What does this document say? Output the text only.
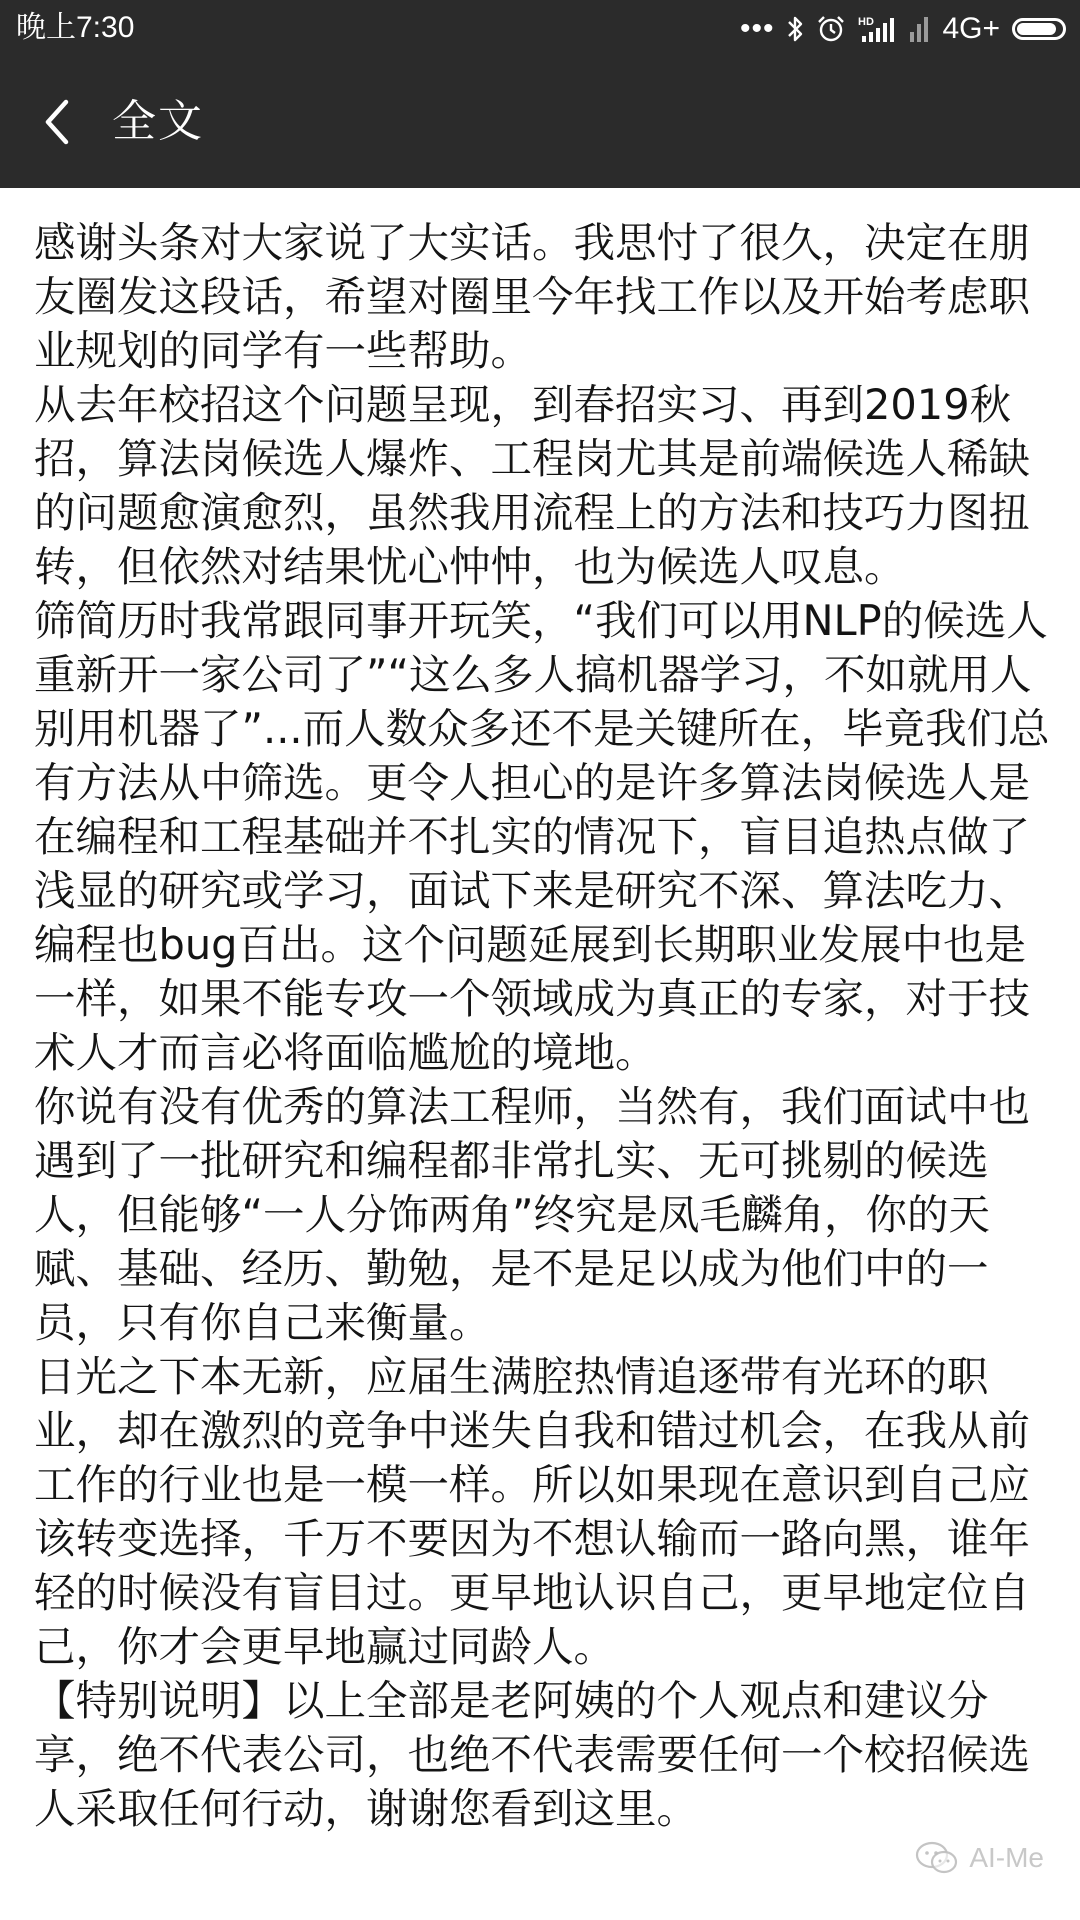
晚上7:30	•••	HD 4G+
全文

感谢头条对大家说了大实话。我思忖了很久，决定在朋友圈发这段话，希望对圈里今年找工作以及开始考虑职业规划的同学有一些帮助。

从去年校招这个问题呈现，到春招实习、再到2019秋招，算法岗候选人爆炸、工程岗尤其是前端候选人稀缺的问题愈演愈烈，虽然我用流程上的方法和技巧力图扭转，但依然对结果忧心忡忡，也为候选人叹息。

筛简历时我常跟同事开玩笑，“我们可以用NLP的候选人重新开一家公司了”“这么多人搞机器学习，不如就用人别用机器了”...而人数众多还不是关键所在，毕竟我们总有方法从中筛选。更令人担心的是许多算法岗候选人是在编程和工程基础并不扎实的情况下，盲目追热点做了浅显的研究或学习，面试下来是研究不深、算法吃力、编程也bug百出。这个问题延展到长期职业发展中也是一样，如果不能专攻一个领域成为真正的专家，对于技术人才而言必将面临尴尬的境地。

你说有没有优秀的算法工程师，当然有，我们面试中也遇到了一批研究和编程都非常扎实、无可挑剔的候选人，但能够“一人分饰两角”终究是凤毛麟角，你的天赋、基础、经历、勤勉，是不是足以成为他们中的一员，只有你自己来衡量。

日光之下本无新，应届生满腔热情追逐带有光环的职业，却在激烈的竞争中迷失自我和错过机会，在我从前工作的行业也是一模一样。所以如果现在意识到自己应该转变选择，千万不要因为不想认输而一路向黑，谁年轻的时候没有盲目过。更早地认识自己，更早地定位自己，你才会更早地赢过同龄人。

【特别说明】以上全部是老阿姨的个人观点和建议分享，绝不代表公司，也绝不代表需要任何一个校招候选人采取任何行动，谢谢您看到这里。

AI-Me
